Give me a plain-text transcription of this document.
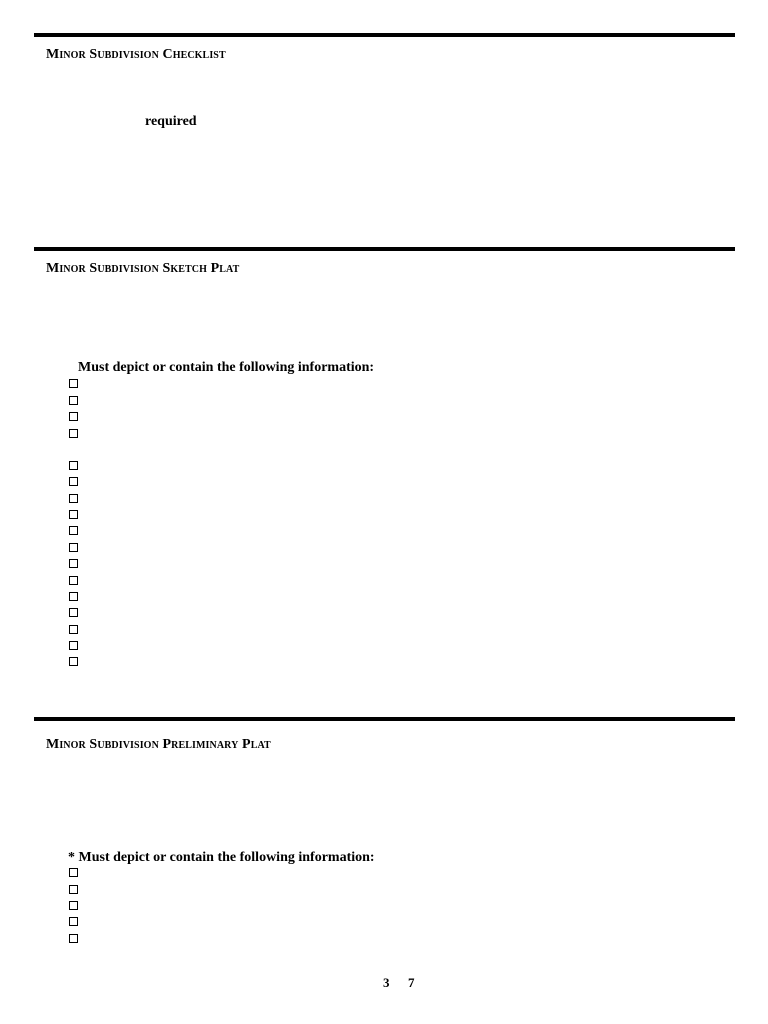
Minor Subdivision Checklist
required
Minor Subdivision Sketch Plat
Must depict or contain the following information:
Minor Subdivision Preliminary Plat
* Must depict or contain the following information:
3 7
